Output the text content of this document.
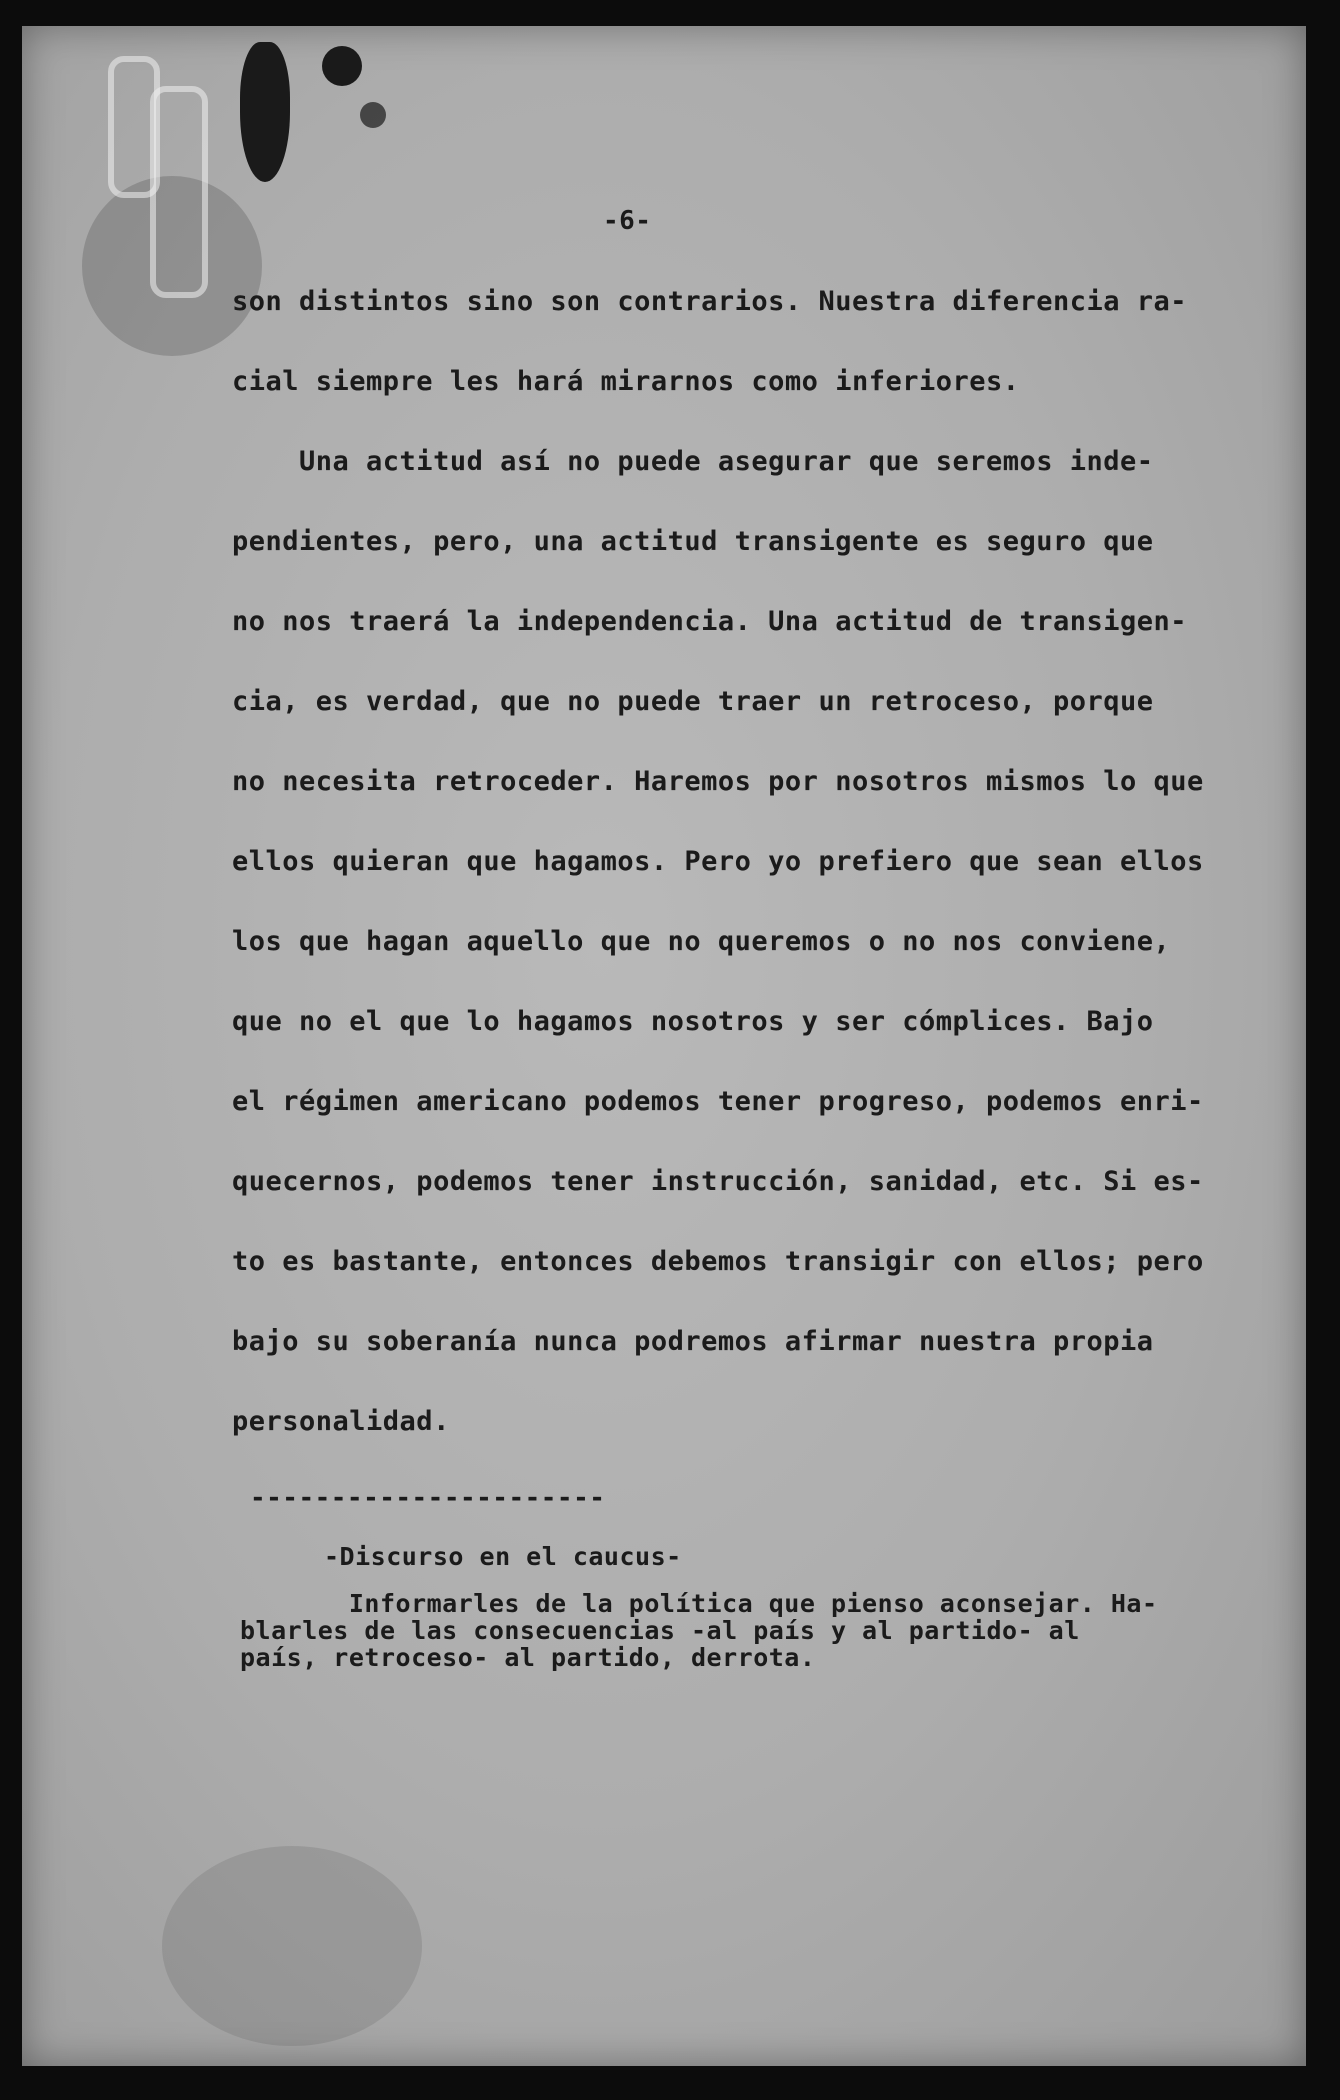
-6-
son distintos sino son contrarios. Nuestra diferencia ra-
cial siempre les hará mirarnos como inferiores.
Una actitud así no puede asegurar que seremos inde-
pendientes, pero, una actitud transigente es seguro que
no nos traerá la independencia. Una actitud de transigen-
cia, es verdad, que no puede traer un retroceso, porque
no necesita retroceder. Haremos por nosotros mismos lo que
ellos quieran que hagamos. Pero yo prefiero que sean ellos
los que hagan aquello que no queremos o no nos conviene,
que no el que lo hagamos nosotros y ser cómplices. Bajo
el régimen americano podemos tener progreso, podemos enri-
quecernos, podemos tener instrucción, sanidad, etc. Si es-
to es bastante, entonces debemos transigir con ellos; pero
bajo su soberanía nunca podremos afirmar nuestra propia
personalidad.
----------------------
-Discurso en el caucus-
Informarles de la política que pienso aconsejar. Ha-
blarles de las consecuencias -al país y al partido- al
país, retroceso- al partido, derrota.
